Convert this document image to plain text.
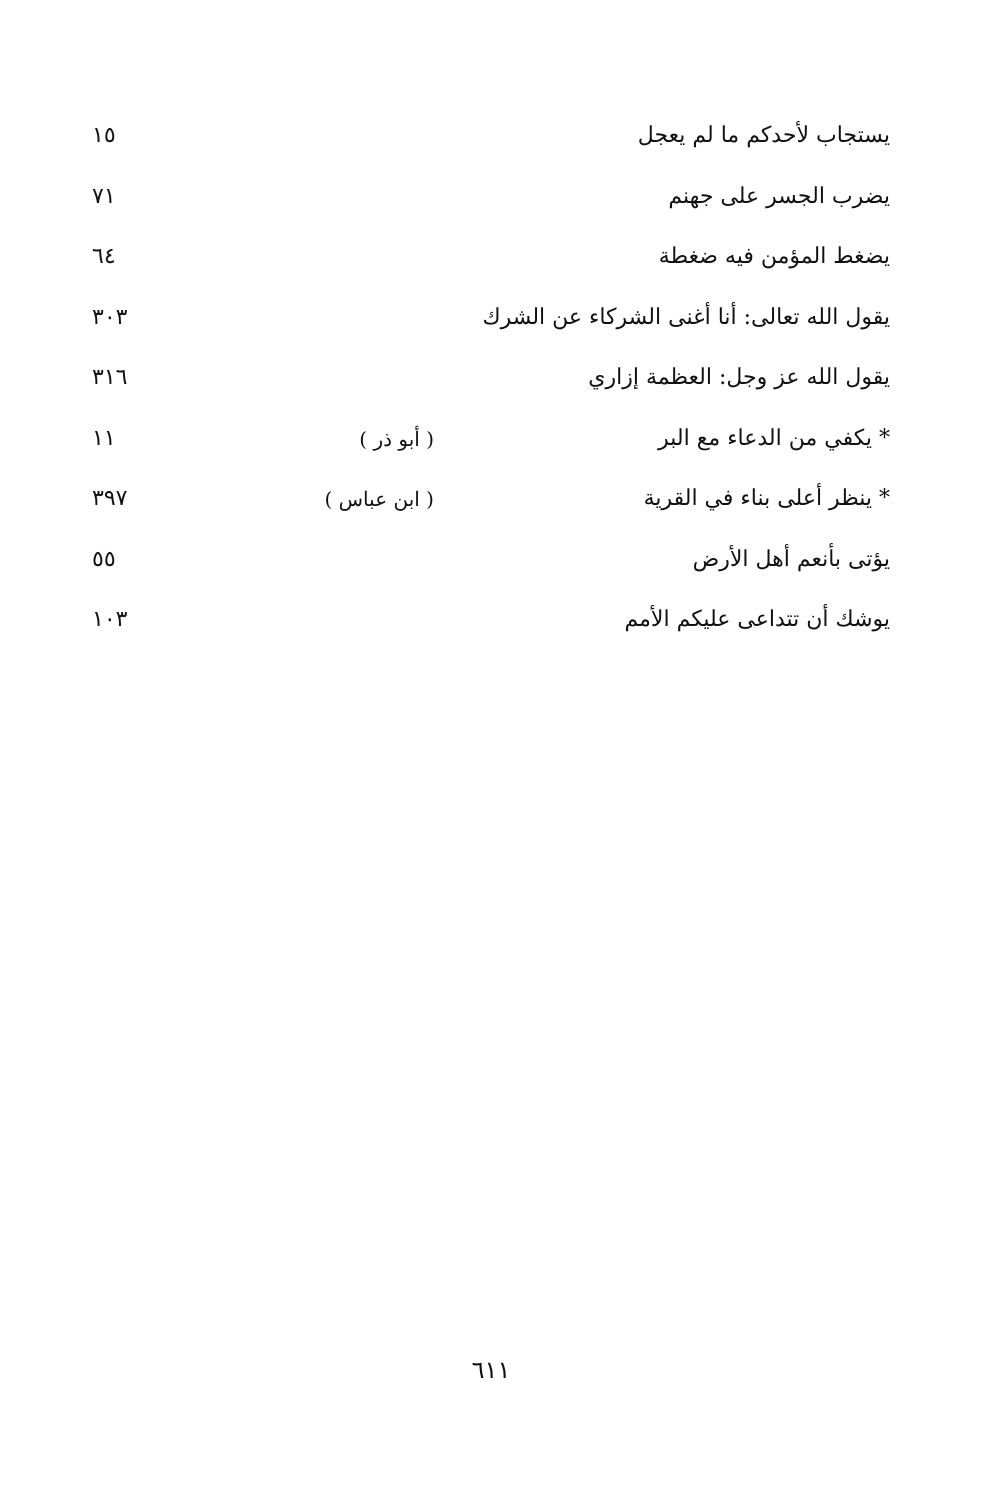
يستجاب لأحدكم ما لم يعجل
١٥
يضرب الجسر على جهنم
٧١
يضغط المؤمن فيه ضغطة
٦٤
يقول الله تعالى: أنا أغنى الشركاء عن الشرك
٣٠٣
يقول الله عز وجل: العظمة إزاري
٣١٦
* يكفي من الدعاء مع البر
( أبو ذر )
١١
* ينظر أعلى بناء في القرية
( ابن عباس )
٣٩٧
يؤتى بأنعم أهل الأرض
٥٥
يوشك أن تتداعى عليكم الأمم
١٠٣
٦١١
